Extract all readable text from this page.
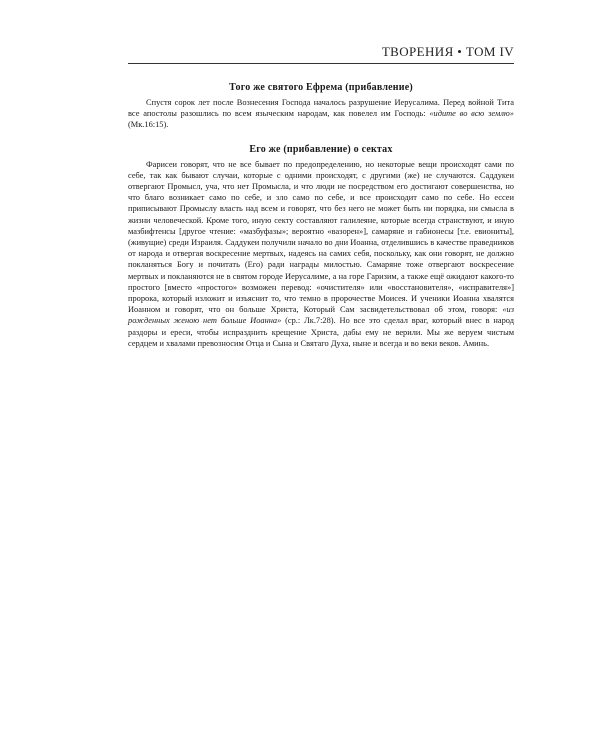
ТВОРЕНИЯ • ТОМ IV
Того же святого Ефрема (прибавление)

Спустя сорок лет после Вознесения Господа началось разрушение Иерусалима. Перед войной Тита все апостолы разошлись по всем языческим народам, как повелел им Господь: «идите во всю землю» (Мк.16:15).

Его же (прибавление) о сектах

Фарисеи говорят, что не все бывает по предопределению, но некоторые вещи происходят сами по себе, так как бывают случаи, которые с одними происходят, с другими (же) не случаются. Саддукеи отвергают Промысл, уча, что нет Промысла, и что люди не посредством его достигают совершенства, но что благо возникает само по себе, и зло само по себе, и все происходит само по себе. Но ессеи приписывают Промыслу власть над всем и говорят, что без него не может быть ни порядка, ни смысла в жизни человеческой. Кроме того, иную секту составляют галилеяне, которые всегда странствуют, и иную мазбифтенсы [другое чтение: «мазбуфазы»; вероятно «вазорен»], самаряне и габионесы [т.е. евиониты], (живущие) среди Израиля. Саддукеи получили начало во дни Иоанна, отделившись в качестве праведников от народа и отвергая воскресение мертвых, надеясь на самих себя, поскольку, как они говорят, не должно покланяться Богу и почитать (Его) ради награды милостью. Самаряне тоже отвергают воскресение мертвых и покланяются не в святом городе Иерусалиме, а на горе Гаризим, а также ещё ожидают какого-то простого [вместо «простого» возможен перевод: «очистителя» или «восстановителя», «исправителя»] пророка, который изложит и изъяснит то, что темно в пророчестве Моисея. И ученики Иоанна хвалятся Иоанном и говорят, что он больше Христа, Который Сам засвидетельствовал об этом, говоря: «из рожденных женою нет больше Иоанна» (ср.: Лк.7:28). Но все это сделал враг, который внес в народ раздоры и ереси, чтобы испразднить крещение Христа, дабы ему не верили. Мы же веруем чистым сердцем и хвалами превозносим Отца и Сына и Святаго Духа, ныне и всегда и во веки веков. Аминь.
